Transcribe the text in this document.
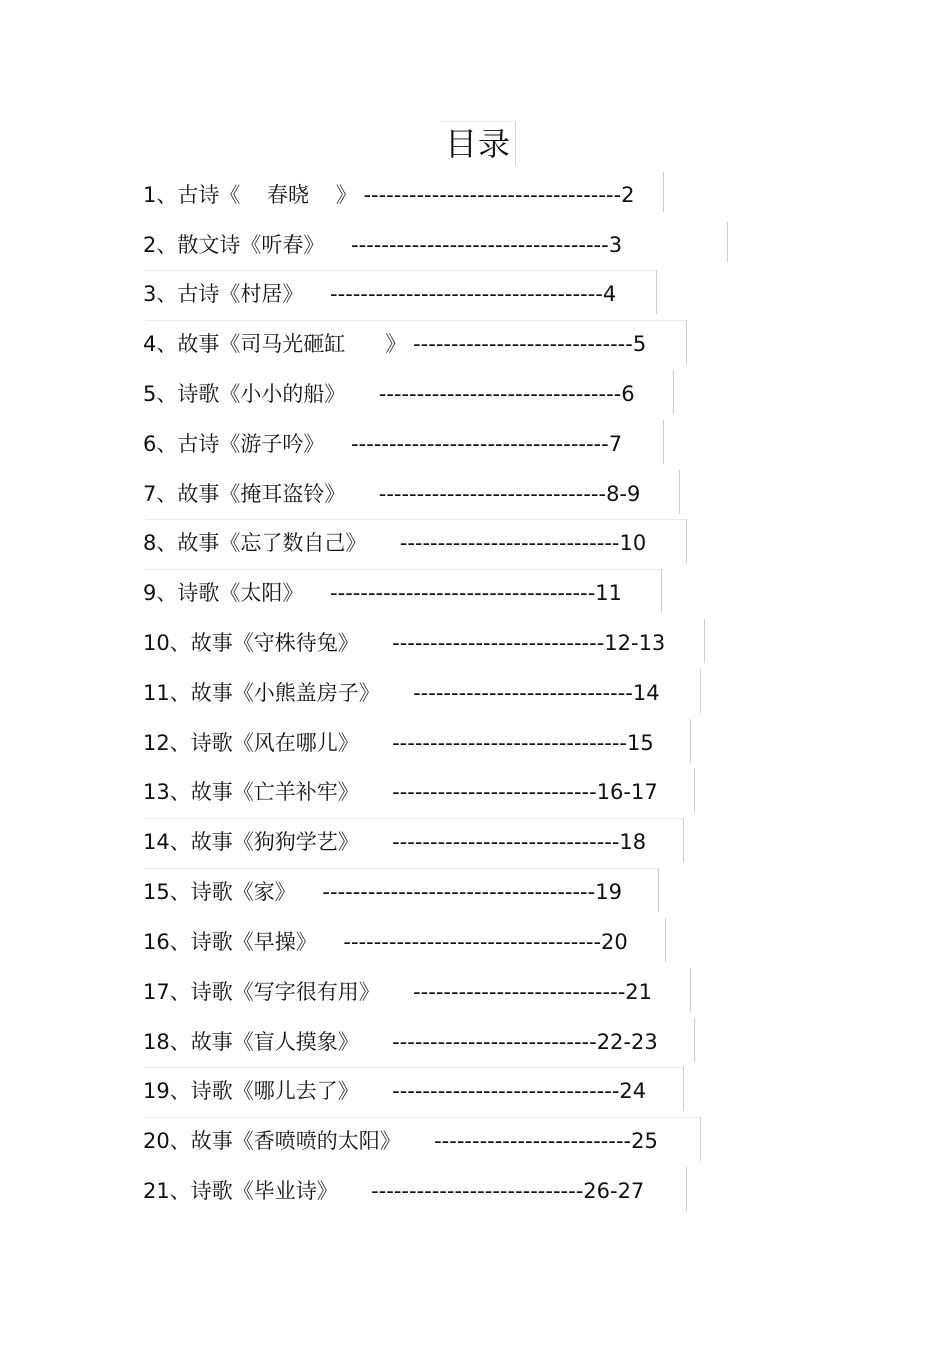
目录
1、古诗《    春晓    》 ----------------------------------2
2、散文诗《听春》    ----------------------------------3
3、古诗《村居》    ------------------------------------4
4、故事《司马光砸缸      》 -----------------------------5
5、诗歌《小小的船》     --------------------------------6
6、古诗《游子吟》    ----------------------------------7
7、故事《掩耳盗铃》     ------------------------------8-9
8、故事《忘了数自己》     -----------------------------10
9、诗歌《太阳》    -----------------------------------11
10、故事《守株待兔》     ----------------------------12-13
11、故事《小熊盖房子》     -----------------------------14
12、诗歌《风在哪儿》     -------------------------------15
13、故事《亡羊补牢》     ---------------------------16-17
14、故事《狗狗学艺》     ------------------------------18
15、诗歌《家》    ------------------------------------19
16、诗歌《早操》    ----------------------------------20
17、诗歌《写字很有用》     ----------------------------21
18、故事《盲人摸象》     ---------------------------22-23
19、诗歌《哪儿去了》     ------------------------------24
20、故事《香喷喷的太阳》     --------------------------25
21、诗歌《毕业诗》     ----------------------------26-27
